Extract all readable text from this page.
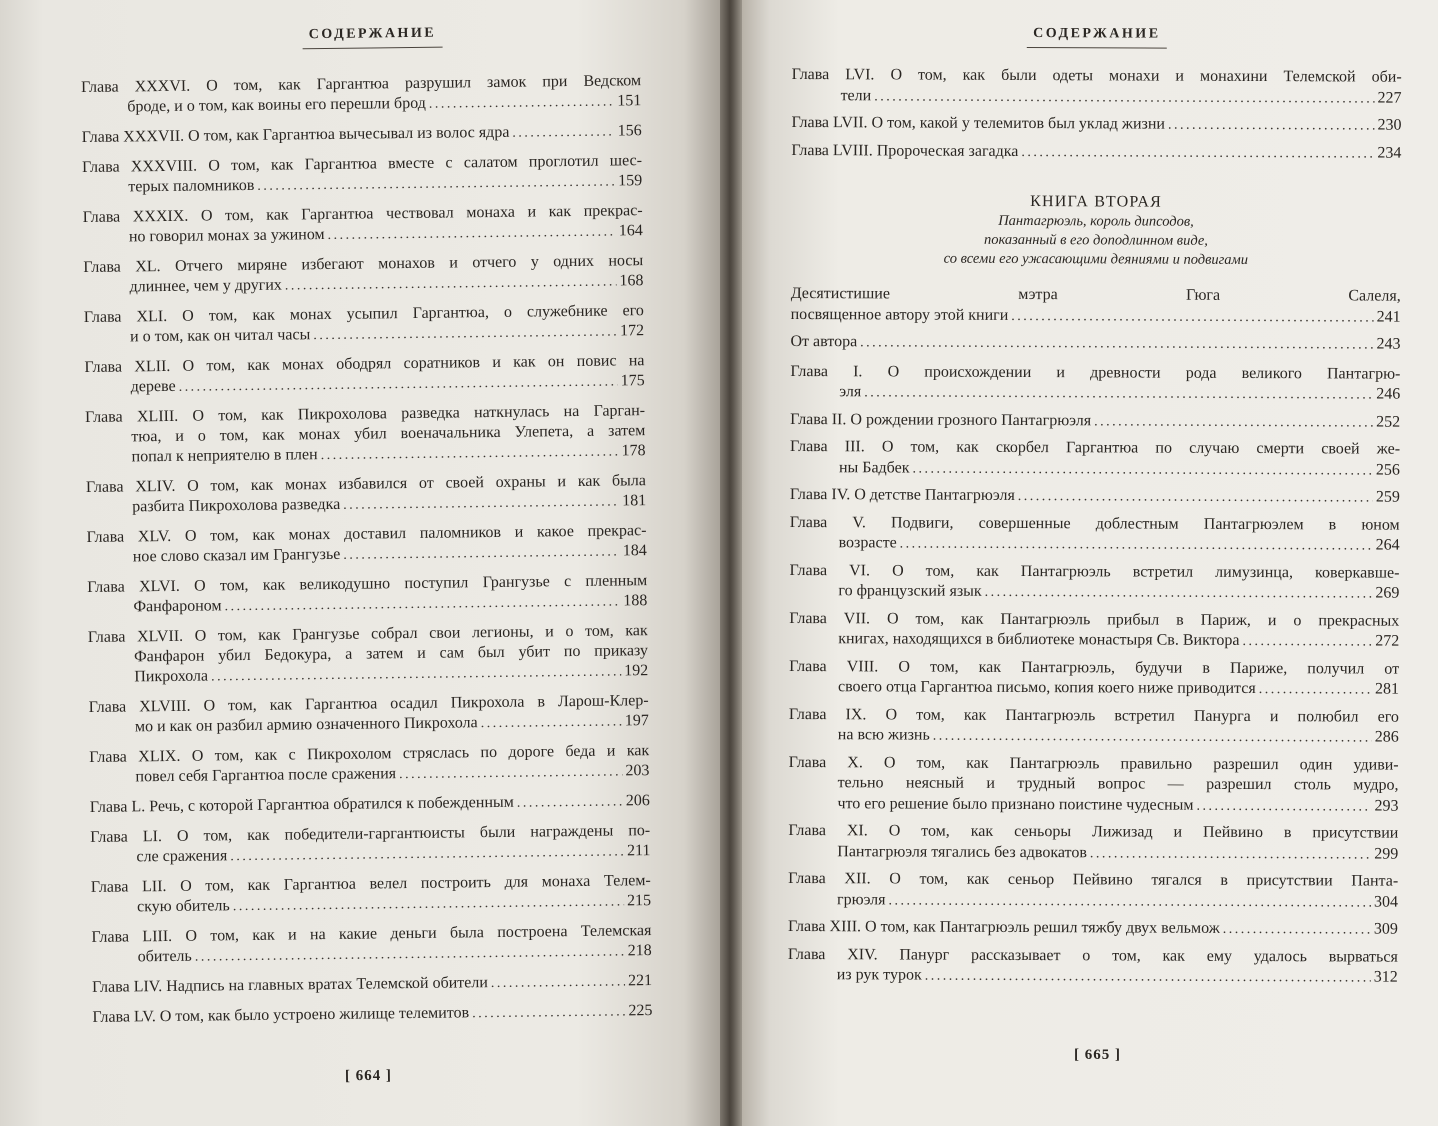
СОДЕРЖАНИЕ
Глава XXXVI. О том, как Гаргантюа разрушил замок при Ведском
броде, и о том, как воины его перешли брод . . .	151
Глава XXXVII. О том, как Гаргантюа вычесывал из волос ядра . . .	156
Глава XXXVIII. О том, как Гаргантюа вместе с салатом проглотил шес-
терых паломников . . .	159
Глава XXXIX. О том, как Гаргантюа чествовал монаха и как прекрас-
но говорил монах за ужином . . .	164
Глава XL. Отчего миряне избегают монахов и отчего у одних носы
длиннее, чем у других . . .	168
Глава XLI. О том, как монах усыпил Гаргантюа, о служебнике его
и о том, как он читал часы . . .	172
Глава XLII. О том, как монах ободрял соратников и как он повис на
дереве . . .	175
Глава XLIII. О том, как Пикрохолова разведка наткнулась на Гарган-
тюа, и о том, как монах убил военачальника Улепета, а затем
попал к неприятелю в плен . . .	178
Глава XLIV. О том, как монах избавился от своей охраны и как была
разбита Пикрохолова разведка . . .	181
Глава XLV. О том, как монах доставил паломников и какое прекрас-
ное слово сказал им Грангузье . . .	184
Глава XLVI. О том, как великодушно поступил Грангузье с пленным
Фанфароном . . .	188
Глава XLVII. О том, как Грангузье собрал свои легионы, и о том, как
Фанфарон убил Бедокура, а затем и сам был убит по приказу
Пикрохола . . .	192
Глава XLVIII. О том, как Гаргантюа осадил Пикрохола в Ларош-Клер-
мо и как он разбил армию означенного Пикрохола . . .	197
Глава XLIX. О том, как с Пикрохолом стряслась по дороге беда и как
повел себя Гаргантюа после сражения . . .	203
Глава L. Речь, с которой Гаргантюа обратился к побежденным . . .	206
Глава LI. О том, как победители-гаргантюисты были награждены по-
сле сражения . . .	211
Глава LII. О том, как Гаргантюа велел построить для монаха Телем-
скую обитель . . .	215
Глава LIII. О том, как и на какие деньги была построена Телемская
обитель . . .	218
Глава LIV. Надпись на главных вратах Телемской обители . . .	221
Глава LV. О том, как было устроено жилище телемитов . . .	225
[ 664 ]
СОДЕРЖАНИЕ
Глава LVI. О том, как были одеты монахи и монахини Телемской оби-
тели . . .	227
Глава LVII. О том, какой у телемитов был уклад жизни . . .	230
Глава LVIII. Пророческая загадка . . .	234
КНИГА ВТОРАЯ
Пантагрюэль, король дипсодов,
показанный в его доподлинном виде,
со всеми его ужасающими деяниями и подвигами
Десятистишие мэтра Гюга Салеля,
посвященное автору этой книги . . .	241
От автора . . .	243
Глава I. О происхождении и древности рода великого Пантагрю-
эля . . .	246
Глава II. О рождении грозного Пантагрюэля . . .	252
Глава III. О том, как скорбел Гаргантюа по случаю смерти своей же-
ны Бадбек . . .	256
Глава IV. О детстве Пантагрюэля . . .	259
Глава V. Подвиги, совершенные доблестным Пантагрюэлем в юном
возрасте . . .	264
Глава VI. О том, как Пантагрюэль встретил лимузинца, коверкавше-
го французский язык . . .	269
Глава VII. О том, как Пантагрюэль прибыл в Париж, и о прекрасных
книгах, находящихся в библиотеке монастыря Св. Виктора . . .	272
Глава VIII. О том, как Пантагрюэль, будучи в Париже, получил от
своего отца Гаргантюа письмо, копия коего ниже приводится . . .	281
Глава IX. О том, как Пантагрюэль встретил Панурга и полюбил его
на всю жизнь . . .	286
Глава X. О том, как Пантагрюэль правильно разрешил один удиви-
тельно неясный и трудный вопрос — разрешил столь мудро,
что его решение было признано поистине чудесным . . .	293
Глава XI. О том, как сеньоры Лижизад и Пейвино в присутствии
Пантагрюэля тягались без адвокатов . . .	299
Глава XII. О том, как сеньор Пейвино тягался в присутствии Панта-
грюэля . . .	304
Глава XIII. О том, как Пантагрюэль решил тяжбу двух вельмож . . .	309
Глава XIV. Панург рассказывает о том, как ему удалось вырваться
из рук турок . . .	312
[ 665 ]
